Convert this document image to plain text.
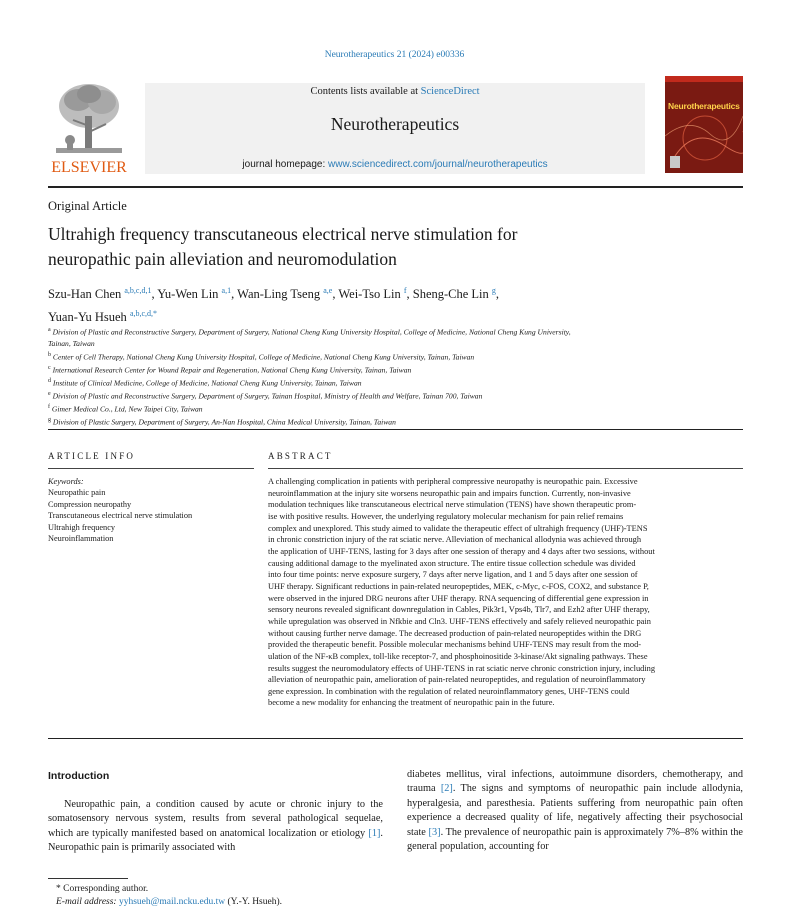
Neurotherapeutics 21 (2024) e00336
ELSEVIER
Contents lists available at ScienceDirect
Neurotherapeutics
journal homepage: www.sciencedirect.com/journal/neurotherapeutics
Neurotherapeutics
Original Article
Ultrahigh frequency transcutaneous electrical nerve stimulation for
neuropathic pain alleviation and neuromodulation
Szu-Han Chen $^{a,b,c,d,1}$, Yu-Wen Lin $^{a,1}$, Wan-Ling Tseng $^{a,e}$, Wei-Tso Lin $^f$, Sheng-Che Lin $^g$,
Yuan-Yu Hsueh $^{a,b,c,d,*}$
$^a$ Division of Plastic and Reconstructive Surgery, Department of Surgery, National Cheng Kung University Hospital, College of Medicine, National Cheng Kung University,
Tainan, Taiwan
$^b$ Center of Cell Therapy, National Cheng Kung University Hospital, College of Medicine, National Cheng Kung University, Tainan, Taiwan
$^c$ International Research Center for Wound Repair and Regeneration, National Cheng Kung University, Tainan, Taiwan
$^d$ Institute of Clinical Medicine, College of Medicine, National Cheng Kung University, Tainan, Taiwan
$^e$ Division of Plastic and Reconstructive Surgery, Department of Surgery, Tainan Hospital, Ministry of Health and Welfare, Tainan 700, Taiwan
$^f$ Gimer Medical Co., Ltd, New Taipei City, Taiwan
$^g$ Division of Plastic Surgery, Department of Surgery, An-Nan Hospital, China Medical University, Tainan, Taiwan
ARTICLE INFO	ABSTRACT
Keywords:
Neuropathic pain
Compression neuropathy
Transcutaneous electrical nerve stimulation
Ultrahigh frequency
Neuroinflammation
A challenging complication in patients with peripheral compressive neuropathy is neuropathic pain. Excessive
neuroinflammation at the injury site worsens neuropathic pain and impairs function. Currently, non-invasive
modulation techniques like transcutaneous electrical nerve stimulation (TENS) have shown therapeutic prom-
ise with positive results. However, the underlying regulatory molecular mechanism for pain relief remains
complex and unexplored. This study aimed to validate the therapeutic effect of ultrahigh frequency (UHF)-TENS
in chronic constriction injury of the rat sciatic nerve. Alleviation of mechanical allodynia was achieved through
the application of UHF-TENS, lasting for 3 days after one session of therapy and 4 days after two sessions, without
causing additional damage to the myelinated axon structure. The entire tissue collection schedule was divided
into four time points: nerve exposure surgery, 7 days after nerve ligation, and 1 and 5 days after one session of
UHF therapy. Significant reductions in pain-related neuropeptides, MEK, c-Myc, c-FOS, COX2, and substance P,
were observed in the injured DRG neurons after UHF therapy. RNA sequencing of differential gene expression in
sensory neurons revealed significant downregulation in Cables, Pik3r1, Vps4b, Tlr7, and Ezh2 after UHF therapy,
while upregulation was observed in Nfkbie and Cln3. UHF-TENS effectively and safely relieved neuropathic pain
without causing further nerve damage. The decreased production of pain-related neuropeptides within the DRG
provided the therapeutic benefit. Possible molecular mechanisms behind UHF-TENS may result from the mod-
ulation of the NF-κB complex, toll-like receptor-7, and phosphoinositide 3-kinase/Akt signaling pathways. These
results suggest the neuromodulatory effects of UHF-TENS in rat sciatic nerve chronic constriction injury, including
alleviation of neuropathic pain, amelioration of pain-related neuropeptides, and regulation of neuroinflammatory
gene expression. In combination with the regulation of related neuroinflammatory genes, UHF-TENS could
become a new modality for enhancing the treatment of neuropathic pain in the future.
Introduction
Neuropathic pain, a condition caused by acute or chronic injury to the somatosensory nervous system, results from several pathological sequelae, which are typically manifested based on anatomical localization or etiology [1]. Neuropathic pain is primarily associated with
diabetes mellitus, viral infections, autoimmune disorders, chemotherapy, and trauma [2]. The signs and symptoms of neuropathic pain include allodynia, hyperalgesia, and paresthesia. Patients suffering from neuropathic pain often experience a decreased quality of life, negatively affecting their psychosocial state [3]. The prevalence of neuropathic pain is approximately 7%–8% within the general population, accounting for
* Corresponding author.
E-mail address: yyhsueh@mail.ncku.edu.tw (Y.-Y. Hsueh).
